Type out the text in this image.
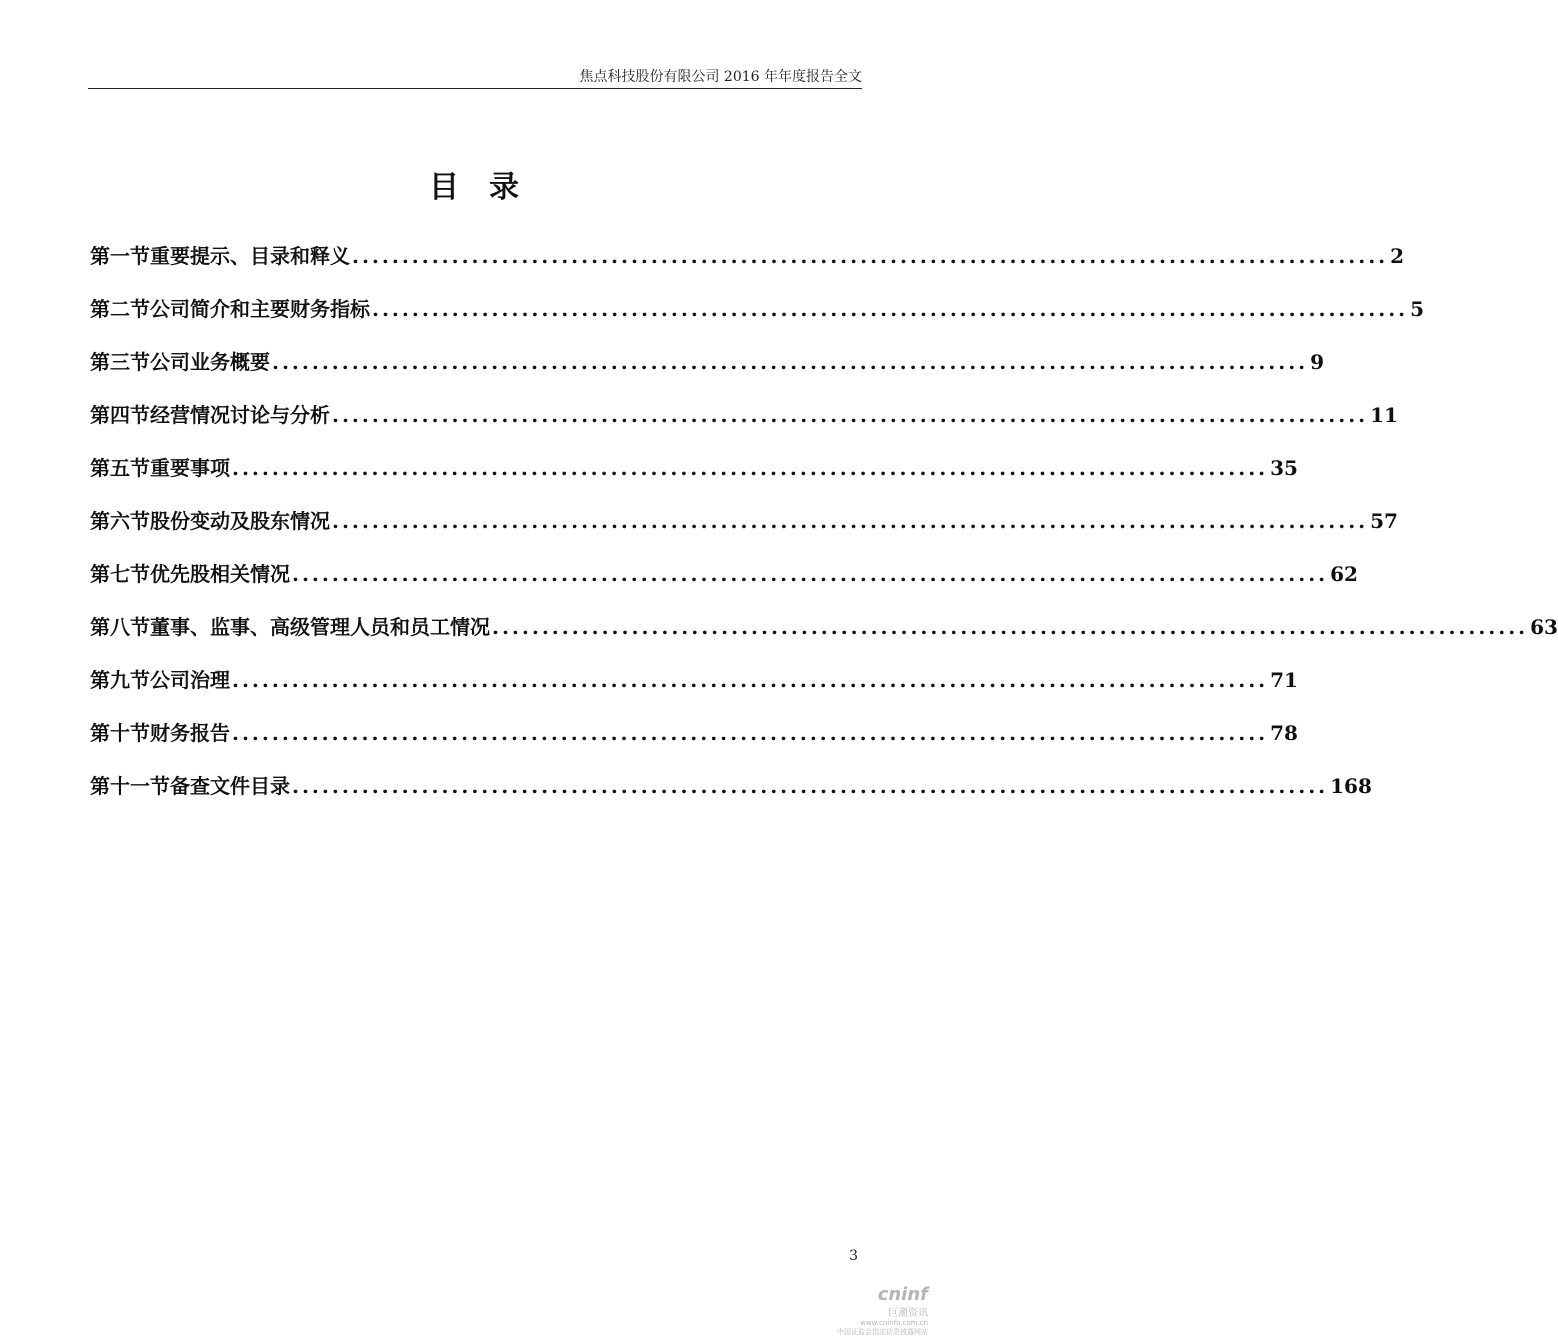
焦点科技股份有限公司 2016 年年度报告全文
目 录
第一节 重要提示、目录和释义 ........................................................................................................ 2
第二节 公司简介和主要财务指标 ........................................................................................................ 5
第三节 公司业务概要 ........................................................................................................ 9
第四节 经营情况讨论与分析 ........................................................................................................ 11
第五节 重要事项 ........................................................................................................ 35
第六节 股份变动及股东情况 ........................................................................................................ 57
第七节 优先股相关情况 ........................................................................................................ 62
第八节 董事、监事、高级管理人员和员工情况 ........................................................................................................ 63
第九节 公司治理 ........................................................................................................ 71
第十节 财务报告 ........................................................................................................ 78
第十一节 备查文件目录 ........................................................................................................ 168
3
cninf
巨潮资讯
www.cninfo.com.cn
中国证监会指定信息披露网站
